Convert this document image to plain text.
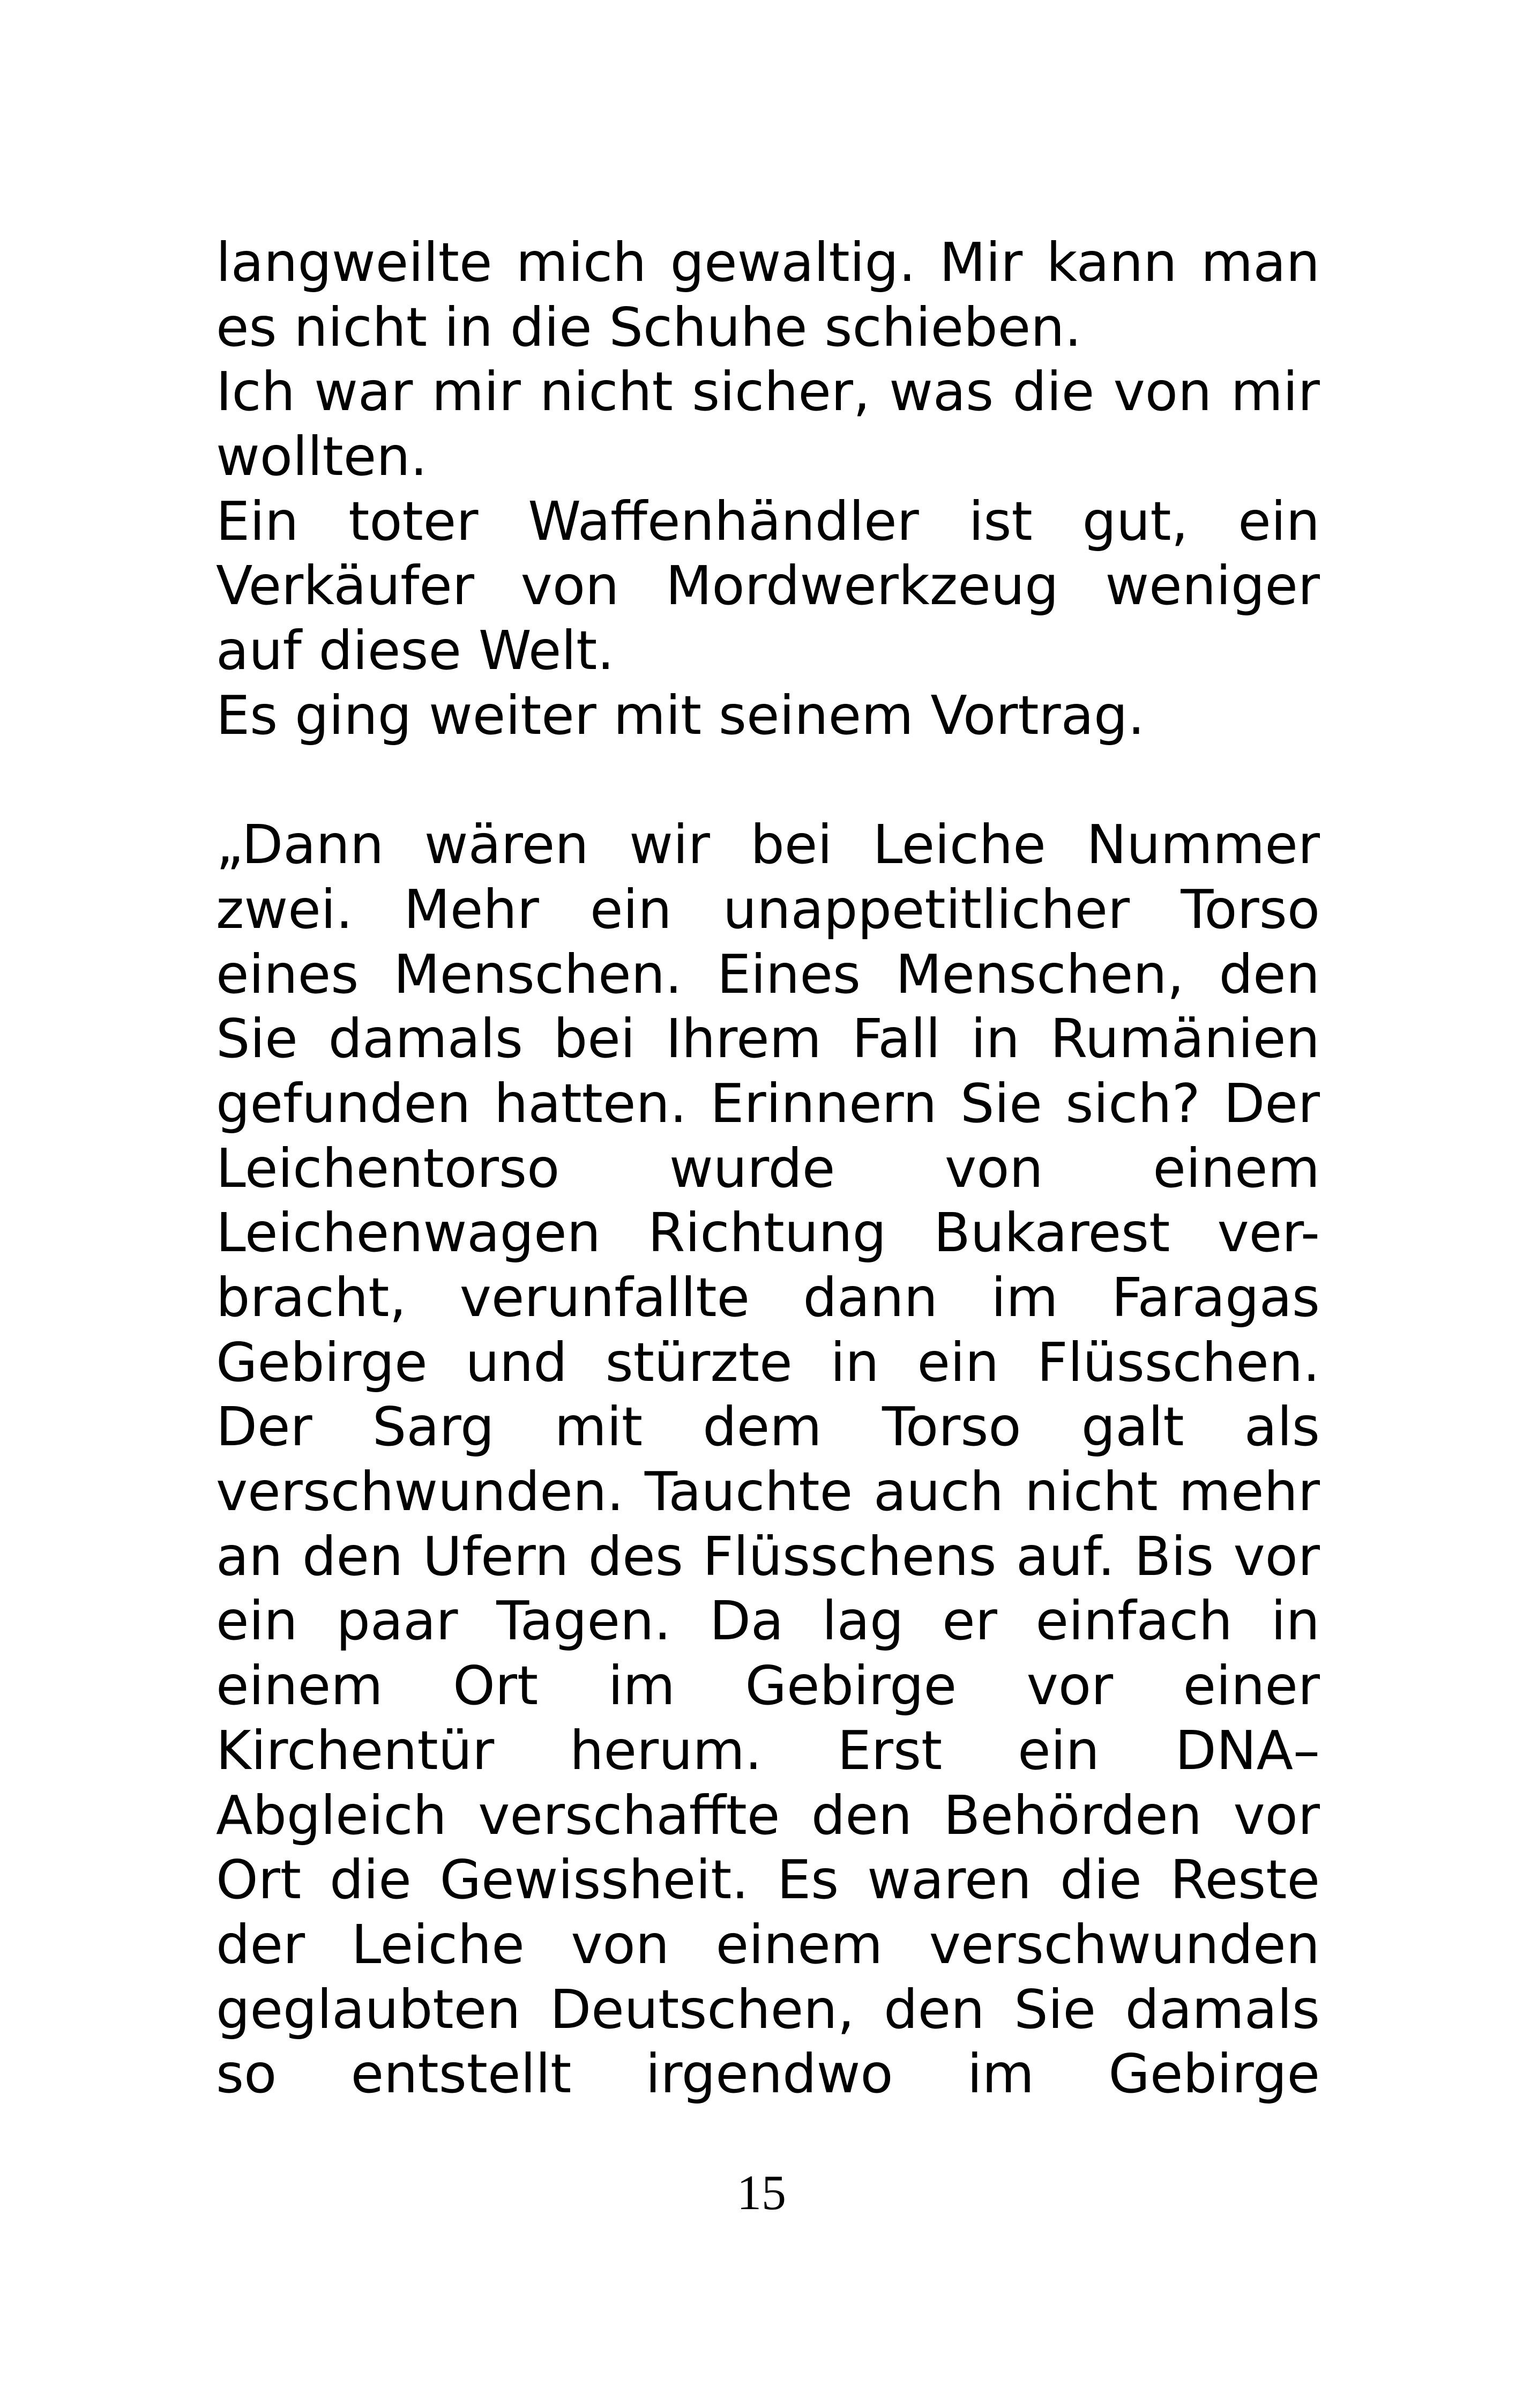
langweilte mich gewaltig. Mir kann man
es nicht in die Schuhe schieben.
Ich war mir nicht sicher, was die von mir
wollten.
Ein toter Waffenhändler ist gut, ein
Verkäufer von Mordwerkzeug weniger
auf diese Welt.
Es ging weiter mit seinem Vortrag.
„Dann wären wir bei Leiche Nummer
zwei. Mehr ein unappetitlicher Torso
eines Menschen. Eines Menschen, den
Sie damals bei Ihrem Fall in Rumänien
gefunden hatten. Erinnern Sie sich? Der
Leichentorso wurde von einem
Leichenwagen Richtung Bukarest ver-
bracht, verunfallte dann im Faragas
Gebirge und stürzte in ein Flüsschen.
Der Sarg mit dem Torso galt als
verschwunden. Tauchte auch nicht mehr
an den Ufern des Flüsschens auf. Bis vor
ein paar Tagen. Da lag er einfach in
einem Ort im Gebirge vor einer
Kirchentür herum. Erst ein DNA–
Abgleich verschaffte den Behörden vor
Ort die Gewissheit. Es waren die Reste
der Leiche von einem verschwunden
geglaubten Deutschen, den Sie damals
so entstellt irgendwo im Gebirge
15
